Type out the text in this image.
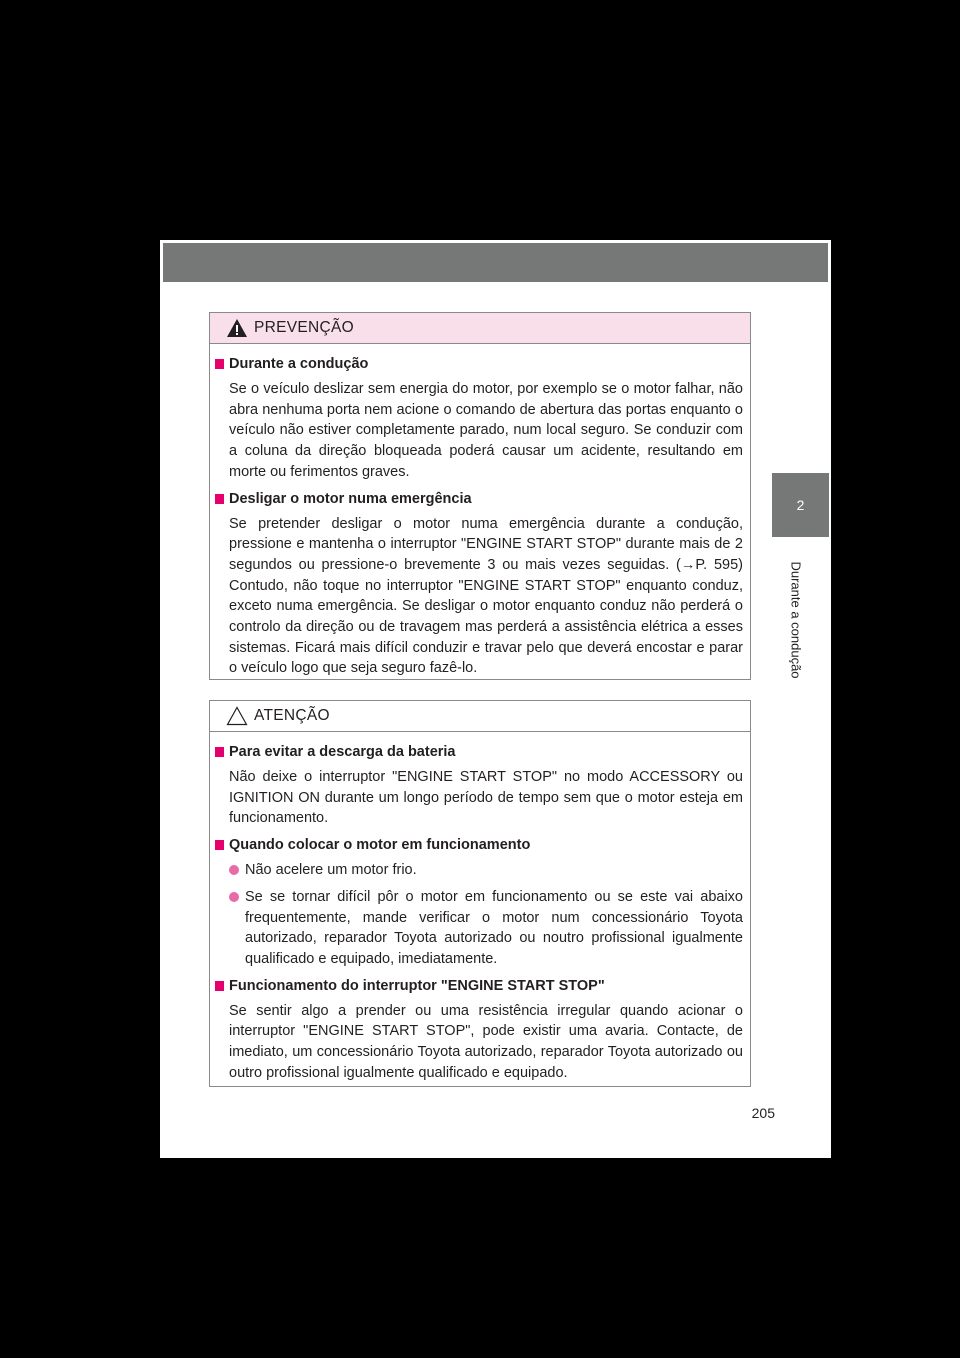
2
Durante a condução
PREVENÇÃO
Durante a condução

Se o veículo deslizar sem energia do motor, por exemplo se o motor falhar, não abra nenhuma porta nem acione o comando de abertura das portas enquanto o veículo não estiver completamente parado, num local seguro. Se conduzir com a coluna da direção bloqueada poderá causar um acidente, resultando em morte ou ferimentos graves.

Desligar o motor numa emergência

Se pretender desligar o motor numa emergência durante a condução, pressione e mantenha o interruptor "ENGINE START STOP" durante mais de 2 segundos ou pressione-o brevemente 3 ou mais vezes seguidas. (→P. 595) Contudo, não toque no interruptor "ENGINE START STOP" enquanto conduz, exceto numa emergência. Se desligar o motor enquanto conduz não perderá o controlo da direção ou de travagem mas perderá a assistência elétrica a esses sistemas. Ficará mais difícil conduzir e travar pelo que deverá encostar e parar o veículo logo que seja seguro fazê-lo.

ATENÇÃO
Para evitar a descarga da bateria

Não deixe o interruptor "ENGINE START STOP" no modo ACCESSORY ou IGNITION ON durante um longo período de tempo sem que o motor esteja em funcionamento.

Quando colocar o motor em funcionamento
Não acelere um motor frio.
Se se tornar difícil pôr o motor em funcionamento ou se este vai abaixo frequentemente, mande verificar o motor num concessionário Toyota autorizado, reparador Toyota autorizado ou noutro profissional igualmente qualificado e equipado, imediatamente.
Funcionamento do interruptor "ENGINE START STOP"

Se sentir algo a prender ou uma resistência irregular quando acionar o interruptor "ENGINE START STOP", pode existir uma avaria. Contacte, de imediato, um concessionário Toyota autorizado, reparador Toyota autorizado ou outro profissional igualmente qualificado e equipado.

205
